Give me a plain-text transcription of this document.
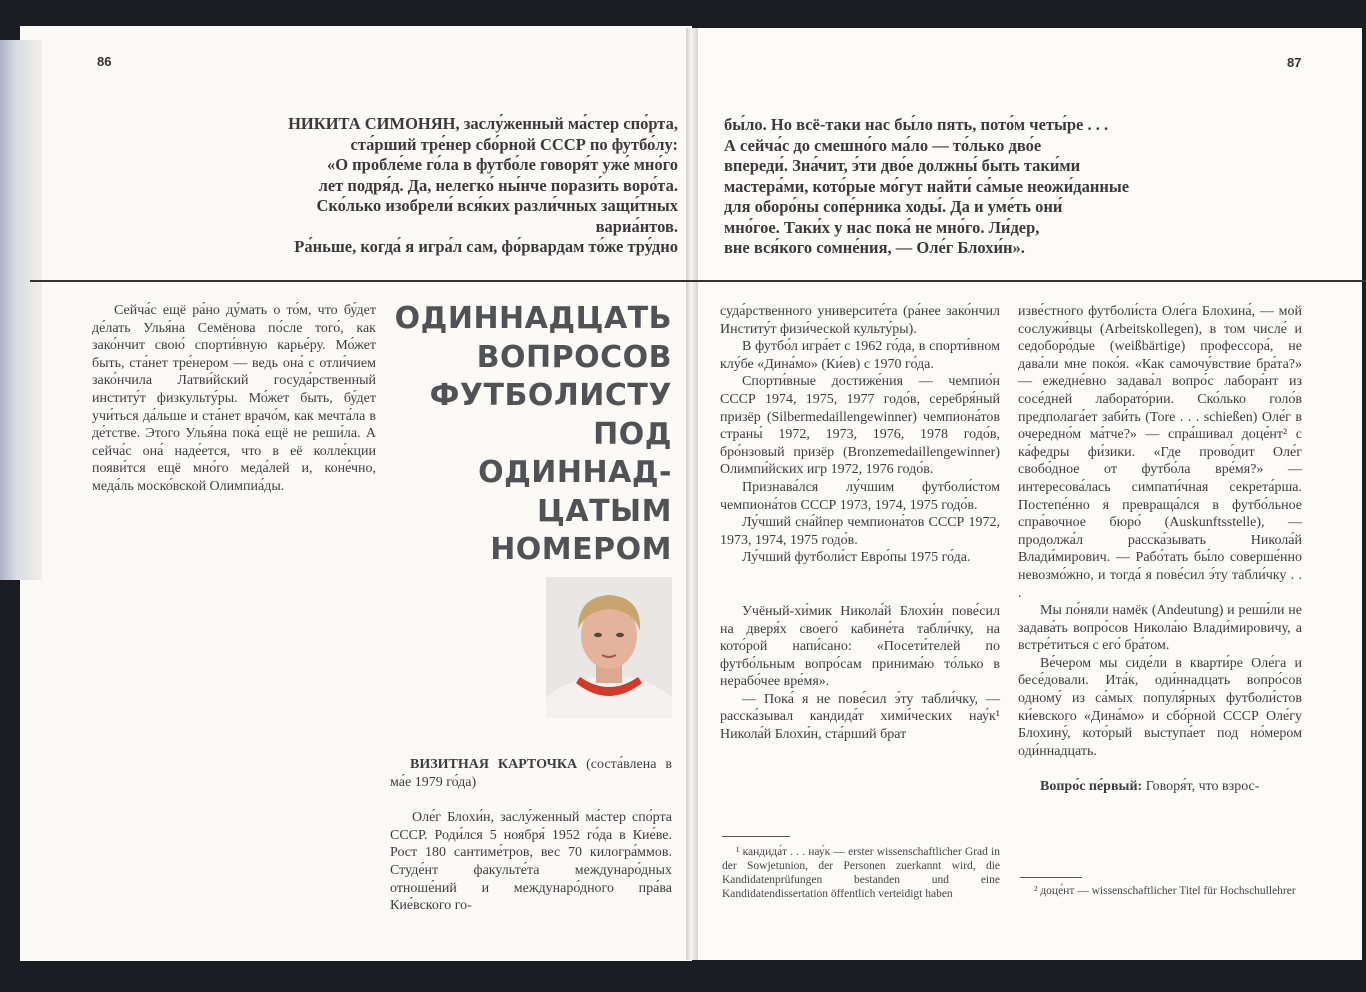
86	87
НИКИТА СИМОНЯН, заслу́женный ма́стер спо́рта,
ста́рший тре́нер сбо́рной СССР по футбо́лу:
«О пробле́ме го́ла в футбо́ле говоря́т уже́ мно́го
лет подря́д. Да, нелегко́ ны́нче порази́ть воро́та.
Ско́лько изобрели́ вся́ких разли́чных защи́тных
вариа́нтов.
Ра́ньше, когда́ я игра́л сам, фо́рвардам то́же тру́дно
бы́ло. Но всё-таки нас бы́ло пять, пото́м четы́ре . . .
А сейча́с до смешно́го ма́ло — то́лько дво́е
впереди́. Зна́чит, э́ти дво́е должны́ быть таки́ми
мастера́ми, кото́рые мо́гут найти́ са́мые неожи́данные
для оборо́ны сопе́рника ходы́. Да и уме́ть они́
мно́гое. Таки́х у нас пока́ не мно́го. Ли́дер,
вне вся́кого сомне́ния, — Оле́г Блохи́н».

Сейча́с ещё ра́но ду́мать о то́м, что бу́дет де́лать Улья́на Семёнова по́сле того́, как зако́нчит свою́ спорти́вную карье́ру. Мо́жет быть, ста́нет тре́нером — ведь она́ с отли́чием зако́нчила Латви́йский госуда́рственный институ́т физкульту́ры. Мо́жет быть, бу́дет учи́ться да́льше и ста́нет врачо́м, как мечта́ла в де́тстве. Этого Улья́на пока́ ещё не реши́ла. А сейча́с она́ наде́ется, что в её колле́кции появи́тся ещё мно́го меда́лей и, коне́чно, меда́ль моско́вской Олимпиа́ды.

ОДИННАДЦАТЬ
ВОПРОСОВ
ФУТБОЛИСТУ
ПОД
ОДИННАД-
ЦАТЫМ
НОМЕРОМ

ВИЗИТНАЯ КАРТОЧКА (соста́влена в ма́е 1979 го́да)

Оле́г Блохи́н, заслу́женный ма́стер спо́рта СССР. Роди́лся 5 ноября́ 1952 го́да в Кие́ве. Рост 180 сантиме́тров, вес 70 килогра́ммов. Студе́нт факульте́та междунаро́дных отноше́ний и междунаро́дного пра́ва Кие́вского го-

суда́рственного университе́та (ра́нее зако́нчил Институ́т физи́ческой культу́ры).

В футбо́л игра́ет с 1962 го́да, в спорти́вном клу́бе «Дина́мо» (Ки́ев) с 1970 го́да.

Спорти́вные достиже́ния — чемпио́н СССР 1974, 1975, 1977 годо́в, серебря́ный призёр (Silbermedaillengewinner) чемпиона́тов страны́ 1972, 1973, 1976, 1978 годо́в, бро́нзовый призёр (Bronzemedaillengewinner) Олимпи́йских игр 1972, 1976 годо́в.

Признава́лся лу́чшим футболи́стом чемпиона́тов СССР 1973, 1974, 1975 годо́в.

Лу́чший сна́йпер чемпиона́тов СССР 1972, 1973, 1974, 1975 годо́в.

Лу́чший футболи́ст Евро́пы 1975 го́да.

Учёный-хи́мик Никола́й Блохи́н пове́сил на дверя́х своего́ кабине́та табли́чку, на кото́рой напи́сано: «Посети́телей по футбо́льным вопро́сам принима́ю то́лько в нерабо́чее вре́мя».

— Пока́ я не пове́сил э́ту табли́чку, — расска́зывал кандида́т хими́ческих нау́к¹ Никола́й Блохи́н, ста́рший брат

¹ кандида́т . . . нау́к — erster wissenschaftlicher Grad in der Sowjetunion, der Personen zuerkannt wird, die Kandidatenprüfungen bestanden und eine Kandidatendissertation öffentlich verteidigt haben

изве́стного футболи́ста Оле́га Блохина́, — мой сослужи́вцы (Arbeitskollegen), в том числе́ и седоборо́дые (weißbärtige) профессора́, не дава́ли мне поко́я. «Как самочу́вствие бра́та?» — ежедне́вно задава́л вопро́с лабора́нт из сосе́дней лаборато́рии. Ско́лько голо́в предполага́ет заби́ть (Tore . . . schießen) Оле́г в очередно́м ма́тче?» — спра́шивал доце́нт² с ка́федры фи́зики. «Где прово́дит Оле́г свобо́дное от футбо́ла вре́мя?» — интересова́лась симпати́чная секрета́рша. Постепе́нно я превраща́лся в футбо́льное спра́вочное бюро́ (Auskunftsstelle), — продолжа́л расска́зывать Никола́й Влади́мирович. — Рабо́тать бы́ло соверше́нно невозмо́жно, и тогда́ я пове́сил э́ту табли́чку . . .

Мы по́няли намёк (Andeutung) и реши́ли не задава́ть вопро́сов Никола́ю Влади́мировичу, а встре́титься с его́ бра́том.

Ве́чером мы сиде́ли в кварти́ре Оле́га и бесе́довали. Ита́к, оди́ннадцать вопро́сов одному́ из са́мых популя́рных футболи́стов ки́евского «Дина́мо» и сбо́рной СССР Оле́гу Блохину́, кото́рый выступа́ет под но́мером оди́ннадцать.

Вопро́с пе́рвый: Говоря́т, что взрос-

² доце́нт — wissenschaftlicher Titel für Hochschullehrer
